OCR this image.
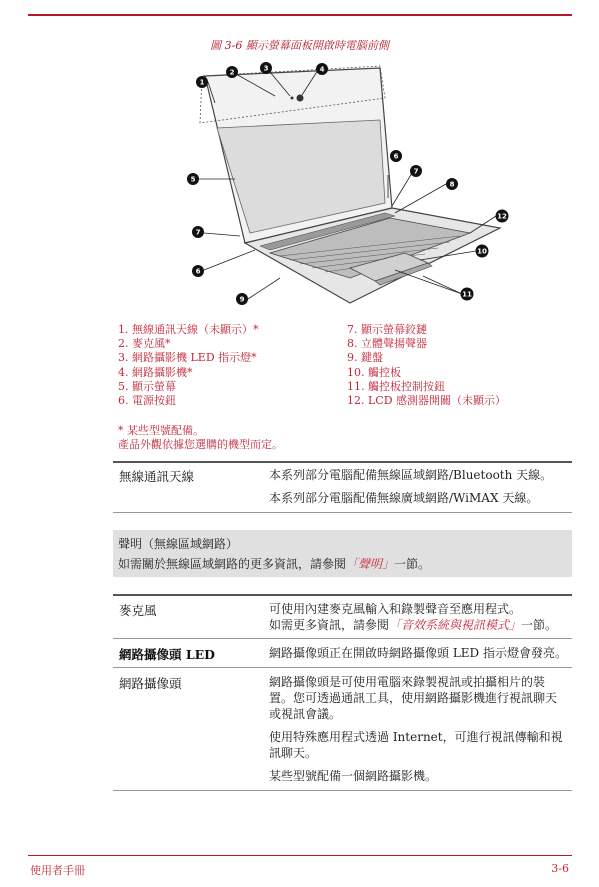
圖 3-6 顯示螢幕面板開啟時電腦前側
1
2	3	4
5
6
7
6
7
8
10
12
11
9
1. 無線通訊天線（未顯示）*
2. 麥克風*
3. 網路攝影機 LED 指示燈*
4. 網路攝影機*
5. 顯示螢幕
6. 電源按鈕
7. 顯示螢幕鉸鏈
8. 立體聲揚聲器
9. 鍵盤
10. 觸控板
11. 觸控板控制按鈕
12. LCD 感測器開關（未顯示）
* 某些型號配備。
產品外觀依據您選購的機型而定。
無線通訊天線	本系列部分電腦配備無線區域網路/Bluetooth 天線。

本系列部分電腦配備無線廣域網路/WiMAX 天線。

聲明（無線區域網路）
如需關於無線區域網路的更多資訊，請參閱「聲明」一節。
麥克風	可使用內建麥克風輸入和錄製聲音至應用程式。

如需更多資訊，請參閱「音效系統與視訊模式」一節。

網路攝像頭 LED	網路攝像頭正在開啟時網路攝像頭 LED 指示燈會發亮。

網路攝像頭	網路攝像頭是可使用電腦來錄製視訊或拍攝相片的裝置。您可透過通訊工具，使用網路攝影機進行視訊聊天或視訊會議。

使用特殊應用程式透過 Internet，可進行視訊傳輸和視訊聊天。

某些型號配備一個網路攝影機。

使用者手冊	3-6
